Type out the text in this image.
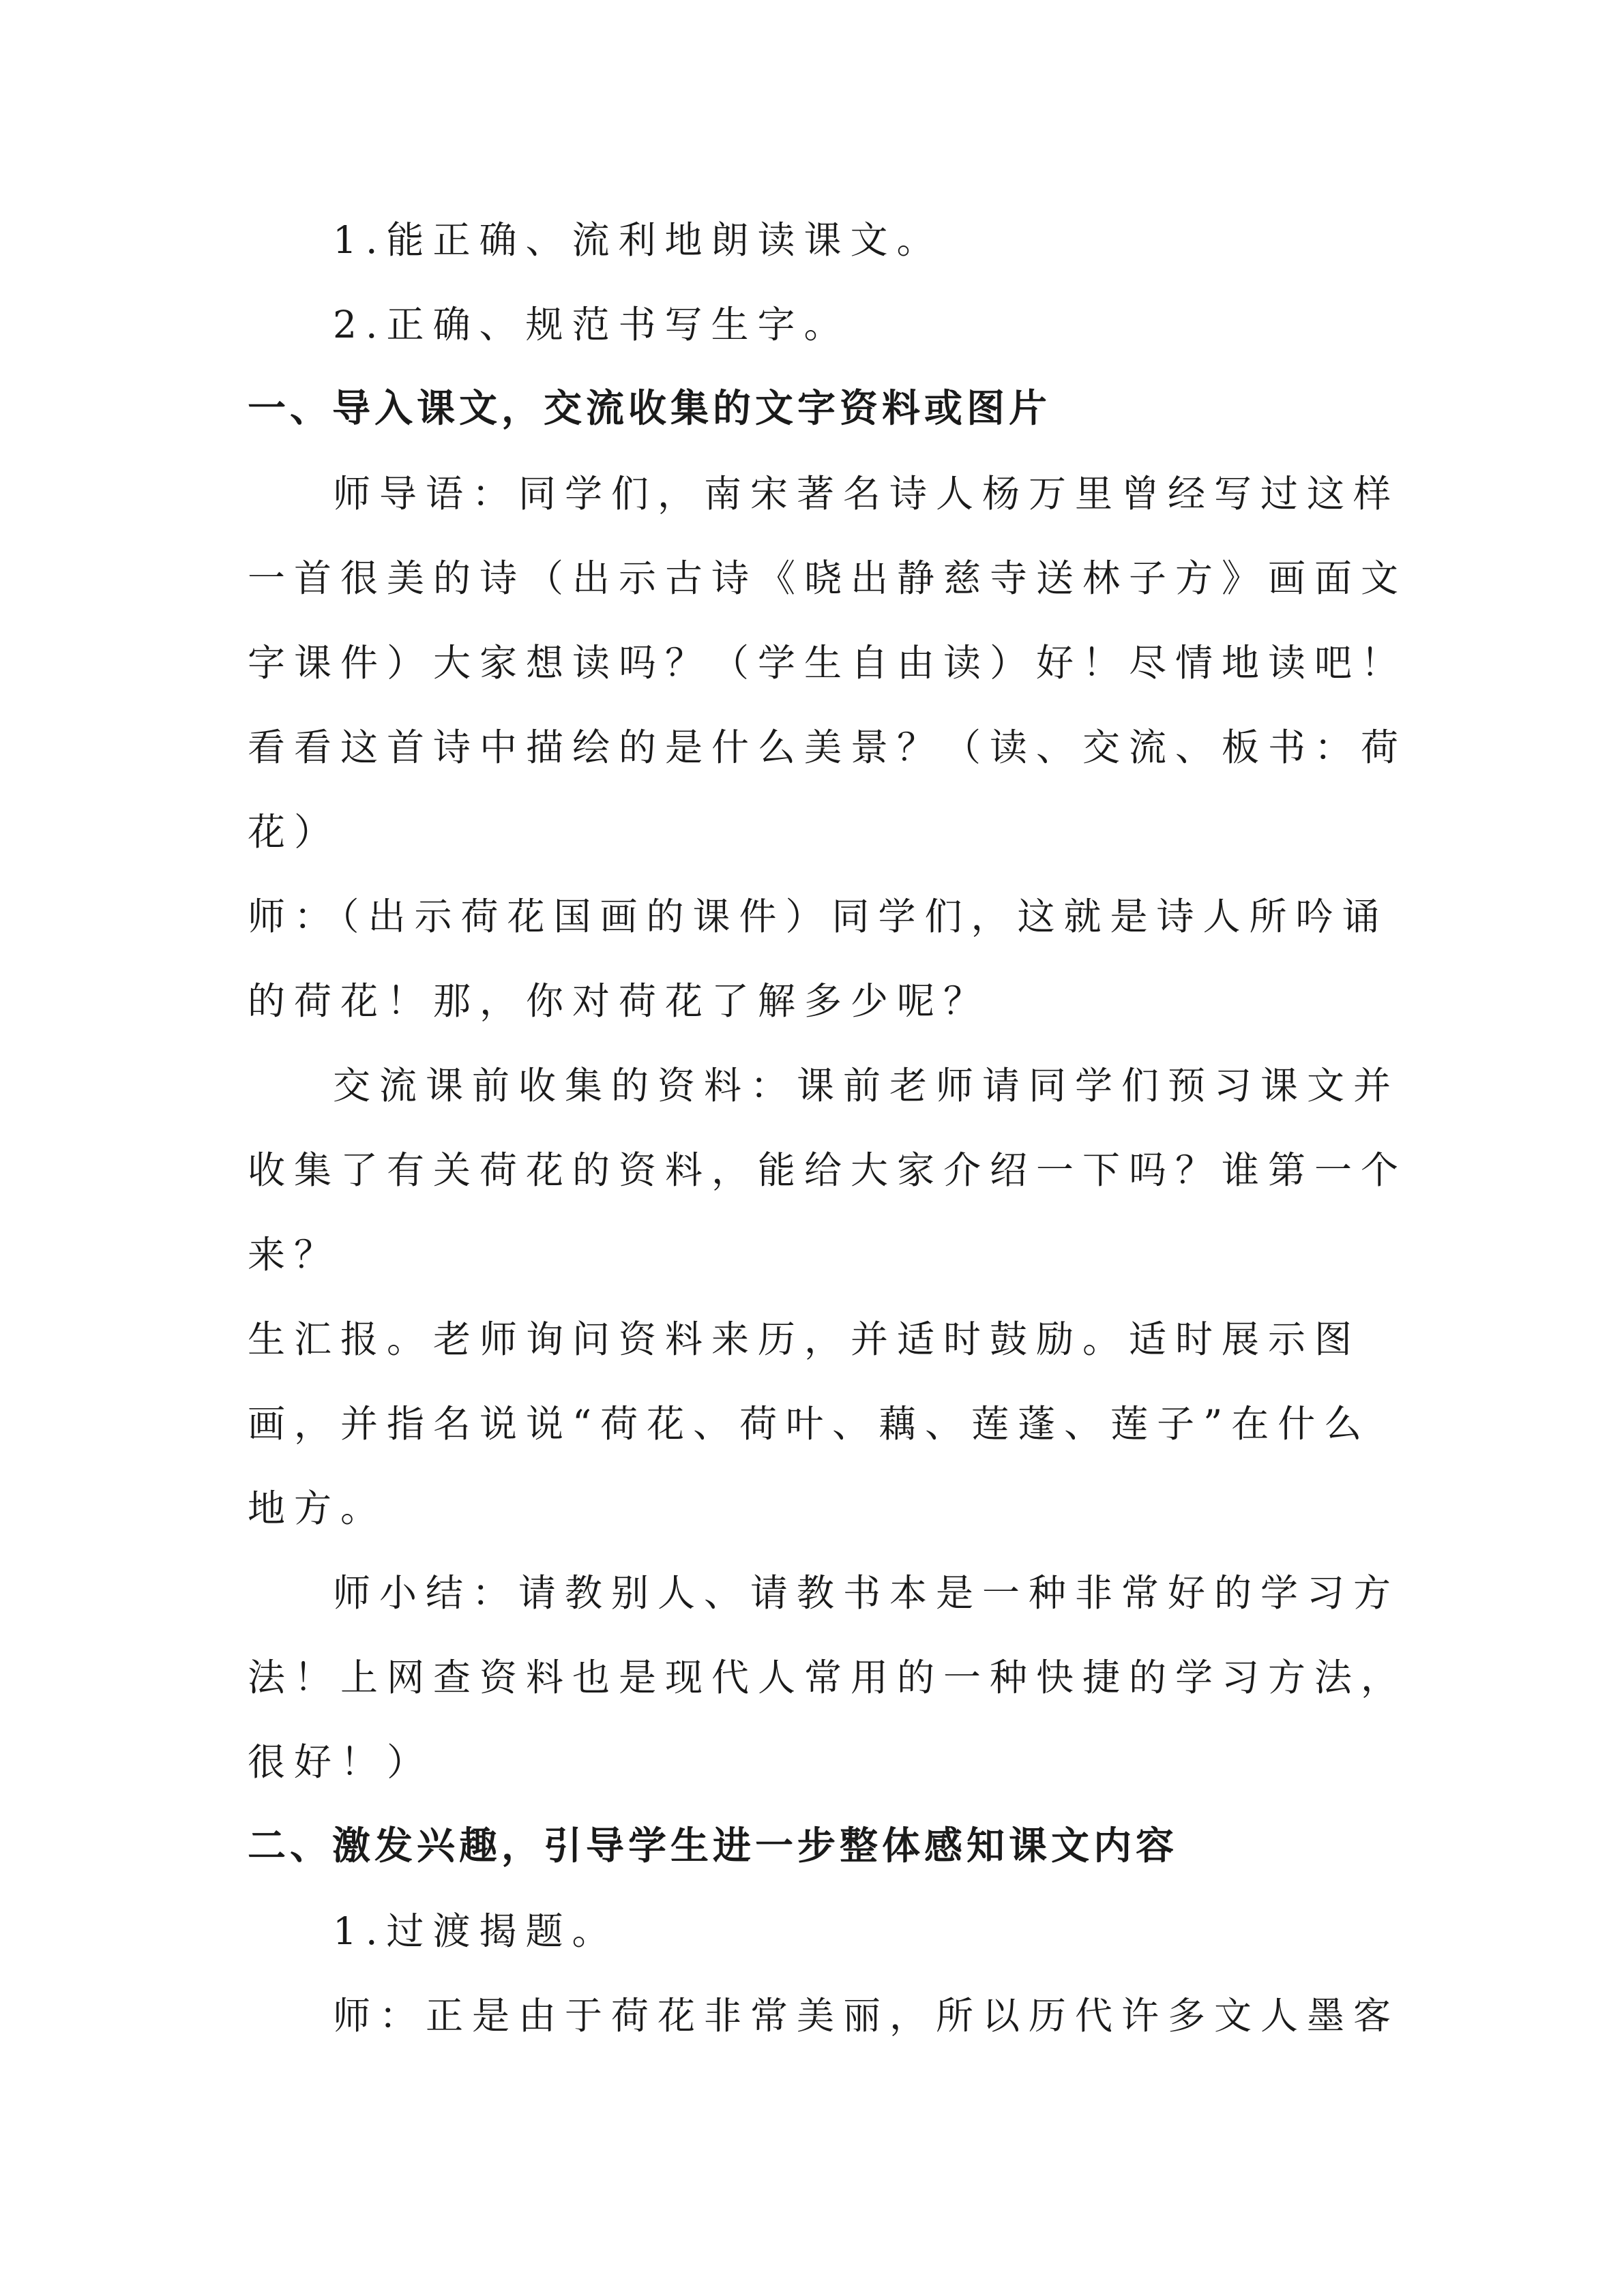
1.能正确、流利地朗读课文。
2.正确、规范书写生字。
一、导入课文，交流收集的文字资料或图片
师导语：同学们，南宋著名诗人杨万里曾经写过这样
一首很美的诗（出示古诗《晓出静慈寺送林子方》画面文
字课件）大家想读吗？（学生自由读）好！尽情地读吧！
看看这首诗中描绘的是什么美景？（读、交流、板书：荷
花）
师：（出示荷花国画的课件）同学们，这就是诗人所吟诵
的荷花！那，你对荷花了解多少呢？
交流课前收集的资料：课前老师请同学们预习课文并
收集了有关荷花的资料，能给大家介绍一下吗？谁第一个
来？
生汇报。老师询问资料来历，并适时鼓励。适时展示图
画，并指名说说“荷花、荷叶、藕、莲蓬、莲子”在什么
地方。
师小结：请教别人、请教书本是一种非常好的学习方
法！上网查资料也是现代人常用的一种快捷的学习方法，
很好！）
二、激发兴趣，引导学生进一步整体感知课文内容
1.过渡揭题。
师：正是由于荷花非常美丽，所以历代许多文人墨客
